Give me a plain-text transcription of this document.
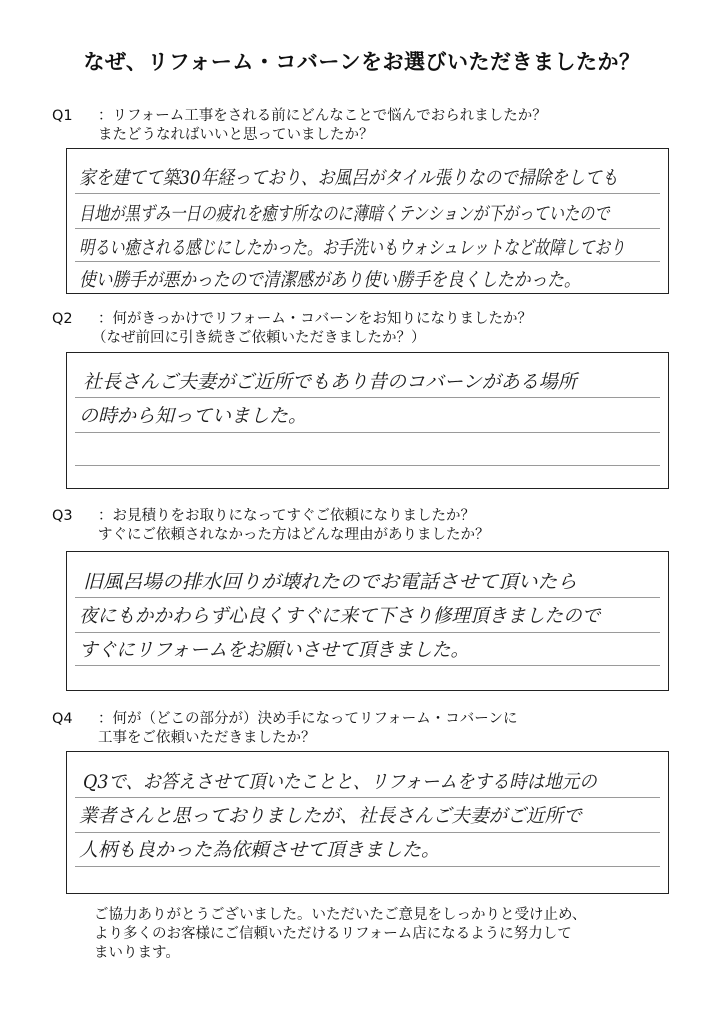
なぜ、リフォーム・コバーンをお選びいただきましたか？
Q1 ：リフォーム工事をされる前にどんなことで悩んでおられましたか？
またどうなればいいと思っていましたか？
家を建てて築30年経っており、お風呂がタイル張りなので掃除をしても
目地が黒ずみ一日の疲れを癒す所なのに薄暗くテンションが下がっていたので
明るい癒される感じにしたかった。お手洗いもウォシュレットなど故障しており
使い勝手が悪かったので清潔感があり使い勝手を良くしたかった。
Q2 ：何がきっかけでリフォーム・コバーンをお知りになりましたか？
（なぜ前回に引き続きご依頼いただきましたか？）
社長さんご夫妻がご近所でもあり昔のコバーンがある場所
の時から知っていました。
Q3 ：お見積りをお取りになってすぐご依頼になりましたか？
すぐにご依頼されなかった方はどんな理由がありましたか？
旧風呂場の排水回りが壊れたのでお電話させて頂いたら
夜にもかかわらず心良くすぐに来て下さり修理頂きましたので
すぐにリフォームをお願いさせて頂きました。
Q4 ：何が（どこの部分が）決め手になってリフォーム・コバーンに
工事をご依頼いただきましたか？
Q3で、お答えさせて頂いたことと、リフォームをする時は地元の
業者さんと思っておりましたが、社長さんご夫妻がご近所で
人柄も良かった為依頼させて頂きました。
ご協力ありがとうございました。いただいたご意見をしっかりと受け止め、
より多くのお客様にご信頼いただけるリフォーム店になるように努力して
まいります。
